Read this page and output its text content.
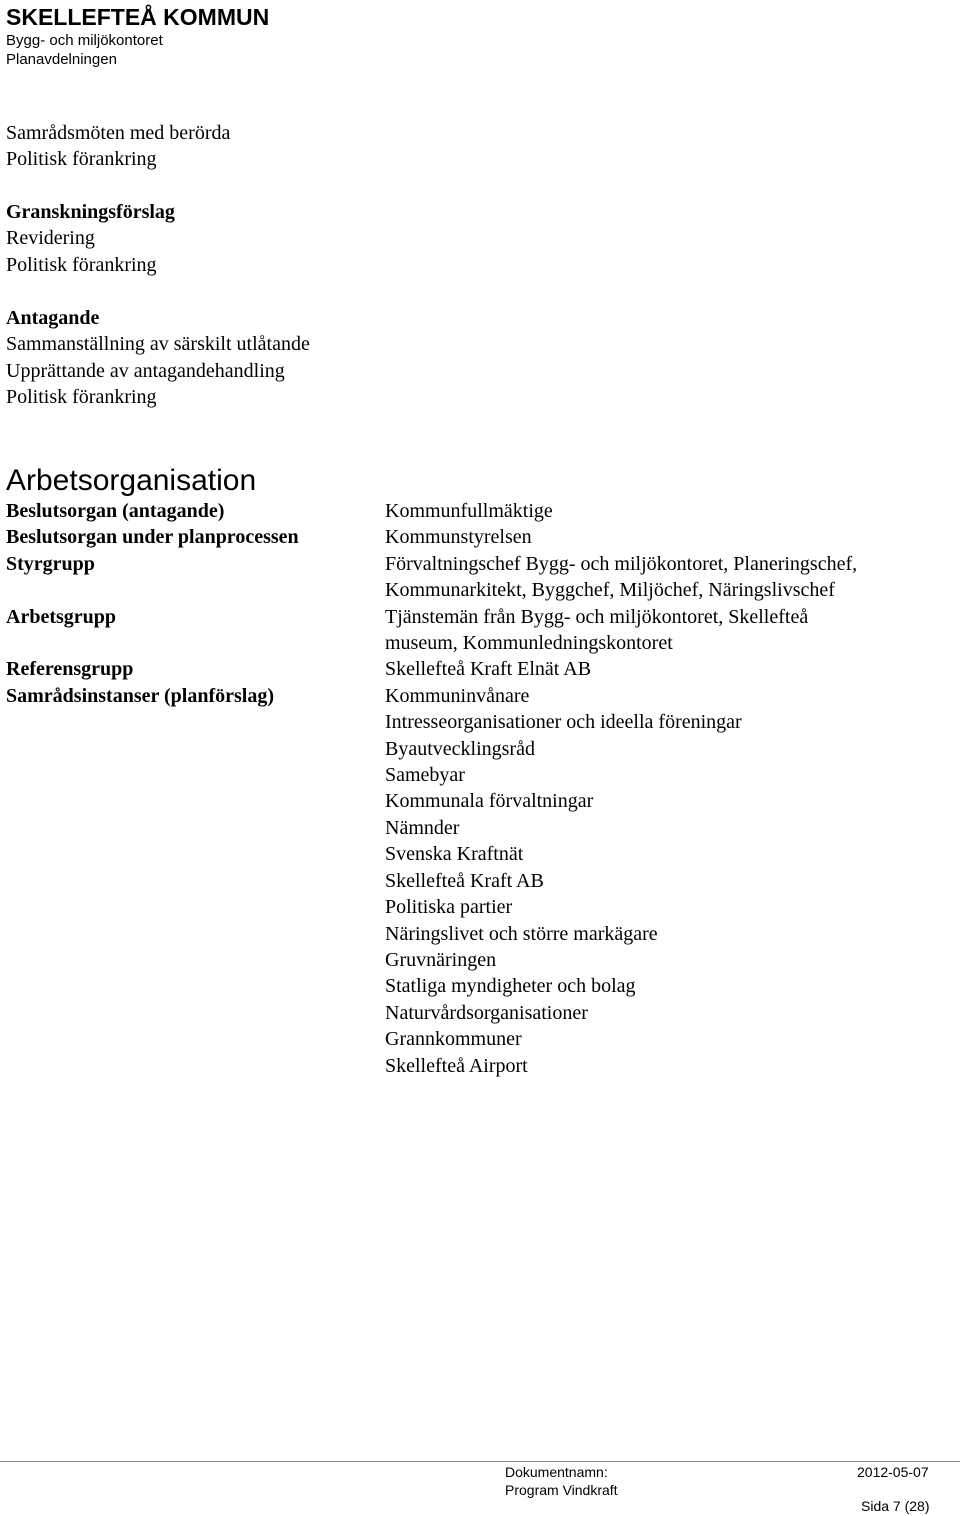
SKELLEFTEÅ KOMMUN
Bygg- och miljökontoret
Planavdelningen
Samrådsmöten med berörda
Politisk förankring
Granskningsförslag
Revidering
Politisk förankring
Antagande
Sammanställning av särskilt utlåtande
Upprättande av antagandehandling
Politisk förankring
Arbetsorganisation
Beslutsorgan (antagande)
Beslutsorgan under planprocessen
Styrgrupp
Arbetsgrupp
Referensgrupp
Samrådsinstanser (planförslag)
Kommunfullmäktige
Kommunstyrelsen
Förvaltningschef Bygg- och miljökontoret, Planeringschef,
Kommunarkitekt, Byggchef, Miljöchef, Näringslivschef
Tjänstemän från Bygg- och miljökontoret, Skellefteå
museum, Kommunledningskontoret
Skellefteå Kraft Elnät AB
Kommuninvånare
Intresseorganisationer och ideella föreningar
Byautvecklingsråd
Samebyar
Kommunala förvaltningar
Nämnder
Svenska Kraftnät
Skellefteå Kraft AB
Politiska partier
Näringslivet och större markägare
Gruvnäringen
Statliga myndigheter och bolag
Naturvårdsorganisationer
Grannkommuner
Skellefteå Airport
Dokumentnamn:
Program Vindkraft
2012-05-07
Sida 7 (28)
